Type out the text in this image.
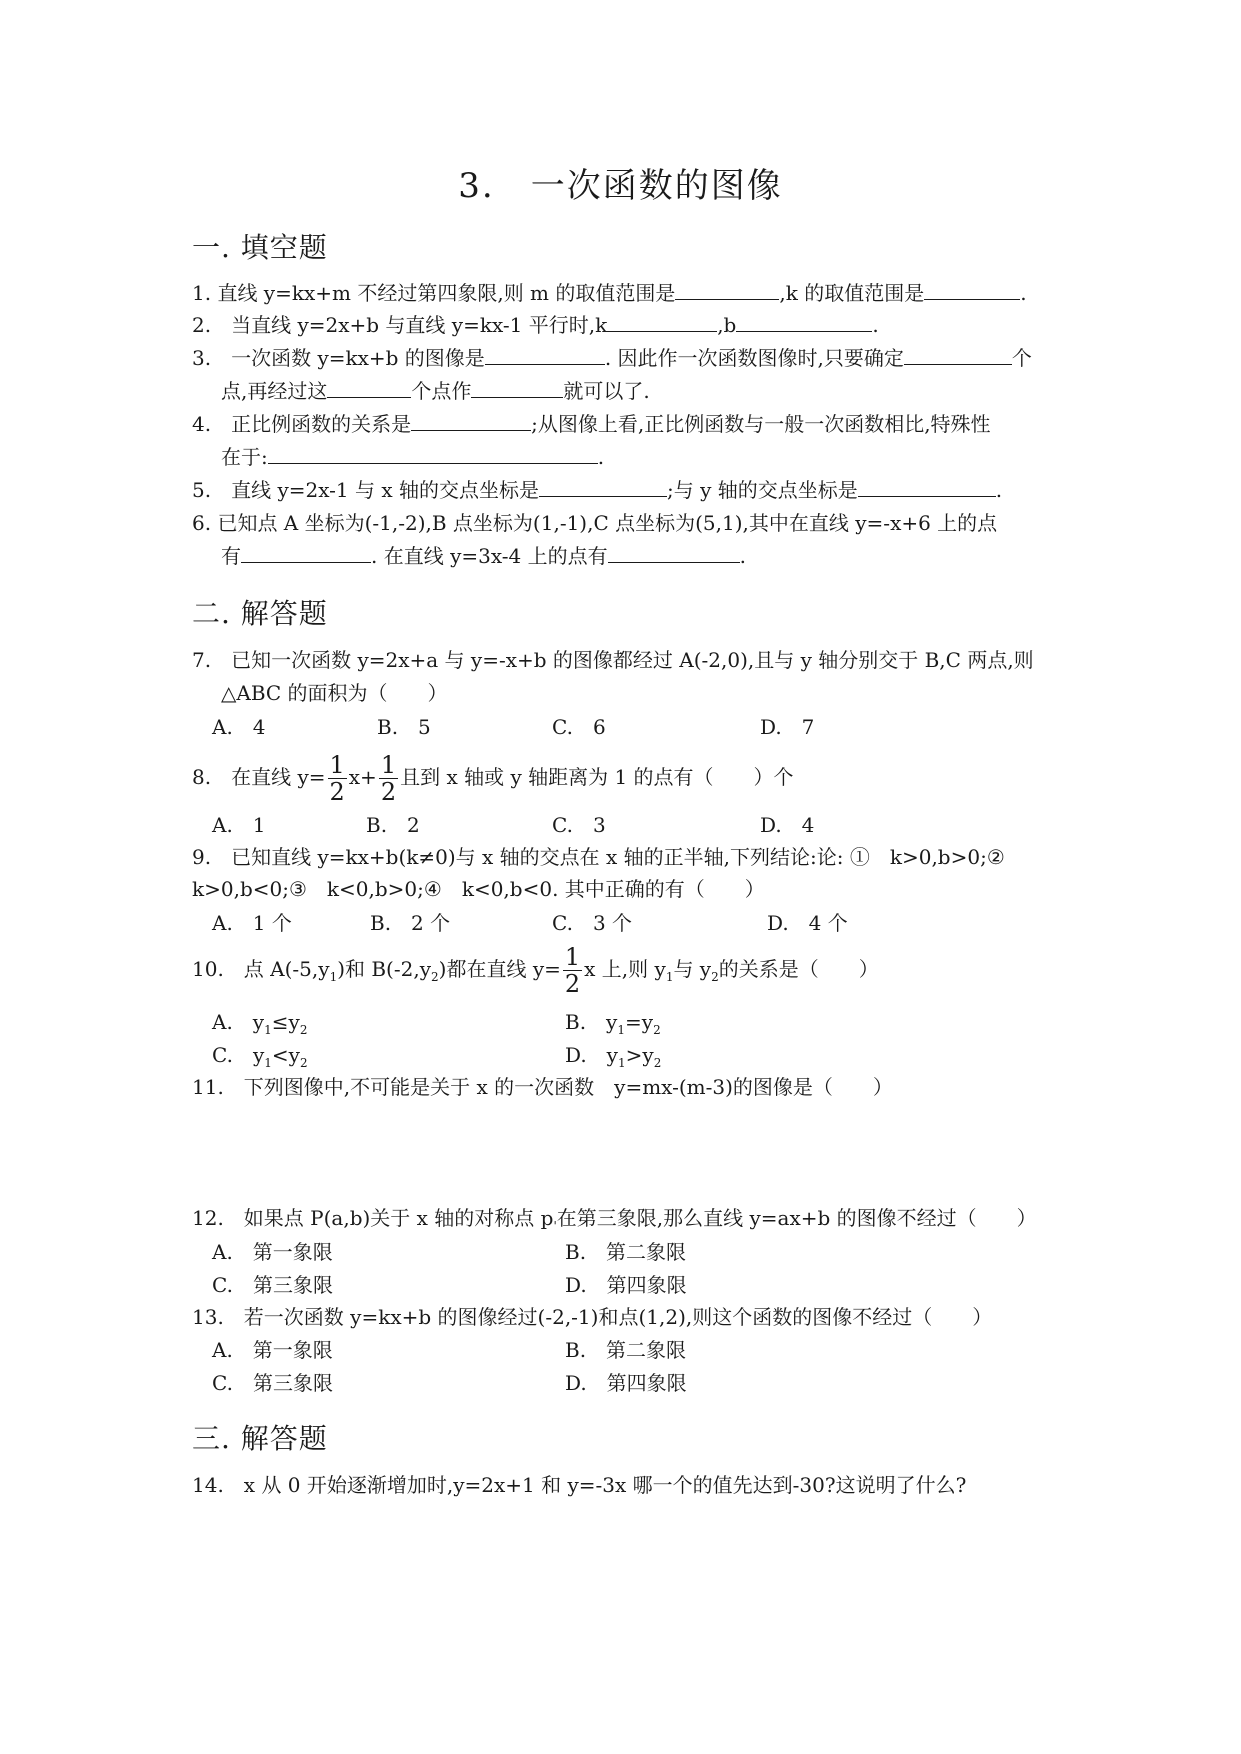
3.　一次函数的图像
一. 填空题
1. 直线 y=kx+m 不经过第四象限,则 m 的取值范围是	,k 的取值范围是	.
2.　当直线 y=2x+b 与直线 y=kx-1 平行时,k	,b	.
3.　一次函数 y=kx+b 的图像是	. 因此作一次函数图像时,只要确定	个
点,再经过这	个点作	就可以了.
4.　正比例函数的关系是	;从图像上看,正比例函数与一般一次函数相比,特殊性
在于:	.
5.　直线 y=2x-1 与 x 轴的交点坐标是	;与 y 轴的交点坐标是	.
6. 已知点 A 坐标为(-1,-2),B 点坐标为(1,-1),C 点坐标为(5,1),其中在直线 y=-x+6 上的点
有	. 在直线 y=3x-4 上的点有	.
二. 解答题
7.　已知一次函数 y=2x+a 与 y=-x+b 的图像都经过 A(-2,0),且与 y 轴分别交于 B,C 两点,则
△ABC 的面积为（　　）
A.　4	B.　5	C.　6	D.　7
8.　在直线 $y= \frac{1}{2} x+ \frac{1}{2}$ 且到 x 轴或 y 轴距离为 1 的点有（　　）个
A.　1	B.　2	C.　3	D.　4
9.　已知直线 y=kx+b(k≠0)与 x 轴的交点在 x 轴的正半轴,下列结论:论: ①　k>0,b>0;②
k>0,b<0;③　k<0,b>0;④　k<0,b<0. 其中正确的有（　　）
A.　1 个	B.　2 个	C.　3 个	D.　4 个
10.　点 $A(-5,y_1)$和 $B(-2,y_2)$都在直线 $y= \frac{1}{2}$ x 上,则 $y_1$与 $y_2$的关系是（　　）
A.　$y_1\le y_2$	B.　$y_1=y_2$
C.　$y_1<y_2$	D.　$y_1>y_2$
11.　下列图像中,不可能是关于 x 的一次函数　y=mx-(m-3)的图像是（　　）
12.　如果点 P(a,b)关于 x 轴的对称点 $p'$在第三象限,那么直线 y=ax+b 的图像不经过（　　）
A.　第一象限	B.　第二象限
C.　第三象限	D.　第四象限
13.　若一次函数 y=kx+b 的图像经过(-2,-1)和点(1,2),则这个函数的图像不经过（　　）
A.　第一象限	B.　第二象限
C.　第三象限	D.　第四象限
三. 解答题
14.　x 从 0 开始逐渐增加时,y=2x+1 和 y=-3x 哪一个的值先达到-30?这说明了什么?
